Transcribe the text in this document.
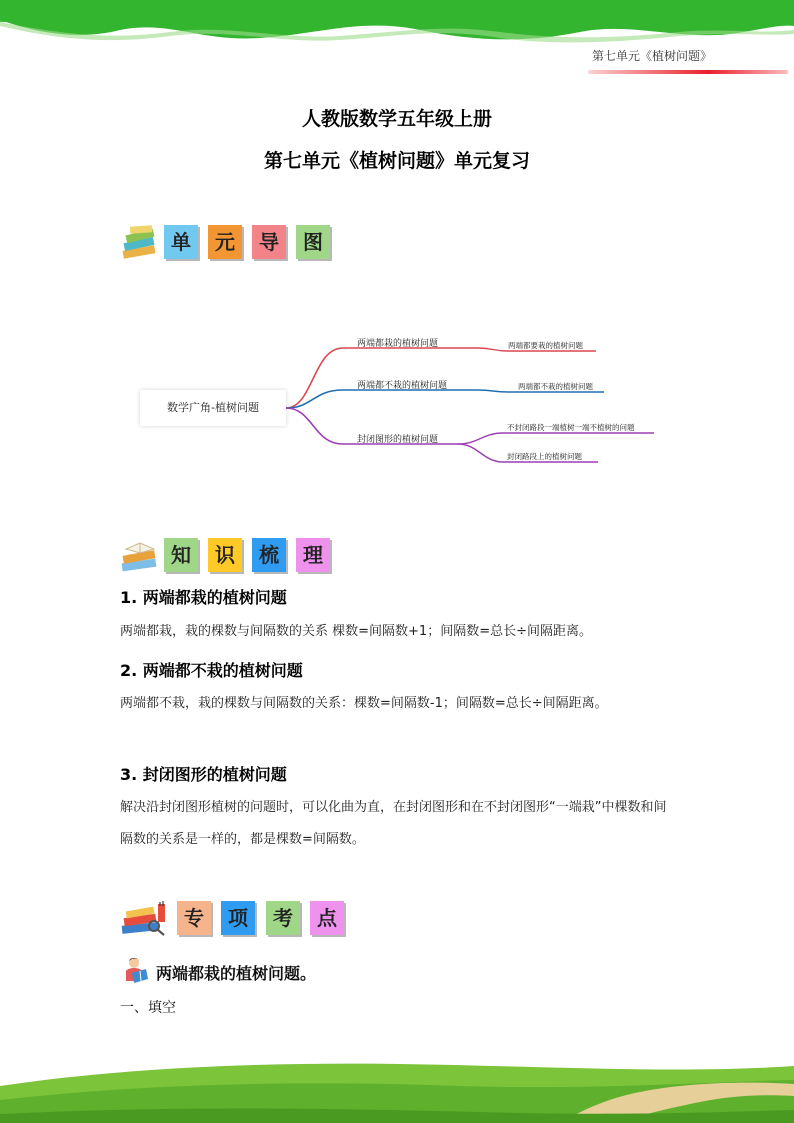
第七单元《植树问题》
人教版数学五年级上册
第七单元《植树问题》单元复习
单	元	导	图
数学广角-植树问题
两端都栽的植树问题
两端都不栽的植树问题
封闭图形的植树问题
两端都要栽的植树问题
两端都不栽的植树问题
不封闭路段一端植树一端不植树的问题
封闭路段上的植树问题
知	识	梳	理
1. 两端都栽的植树问题
两端都栽，栽的棵数与间隔数的关系 棵数=间隔数+1；间隔数=总长÷间隔距离。
2. 两端都不栽的植树问题
两端都不栽，栽的棵数与间隔数的关系：棵数=间隔数-1；间隔数=总长÷间隔距离。
3. 封闭图形的植树问题
解决沿封闭图形植树的问题时，可以化曲为直，在封闭图形和在不封闭图形“一端栽”中棵数和间隔数的关系是一样的，都是棵数=间隔数。
专	项	考	点
两端都栽的植树问题。
一、填空
